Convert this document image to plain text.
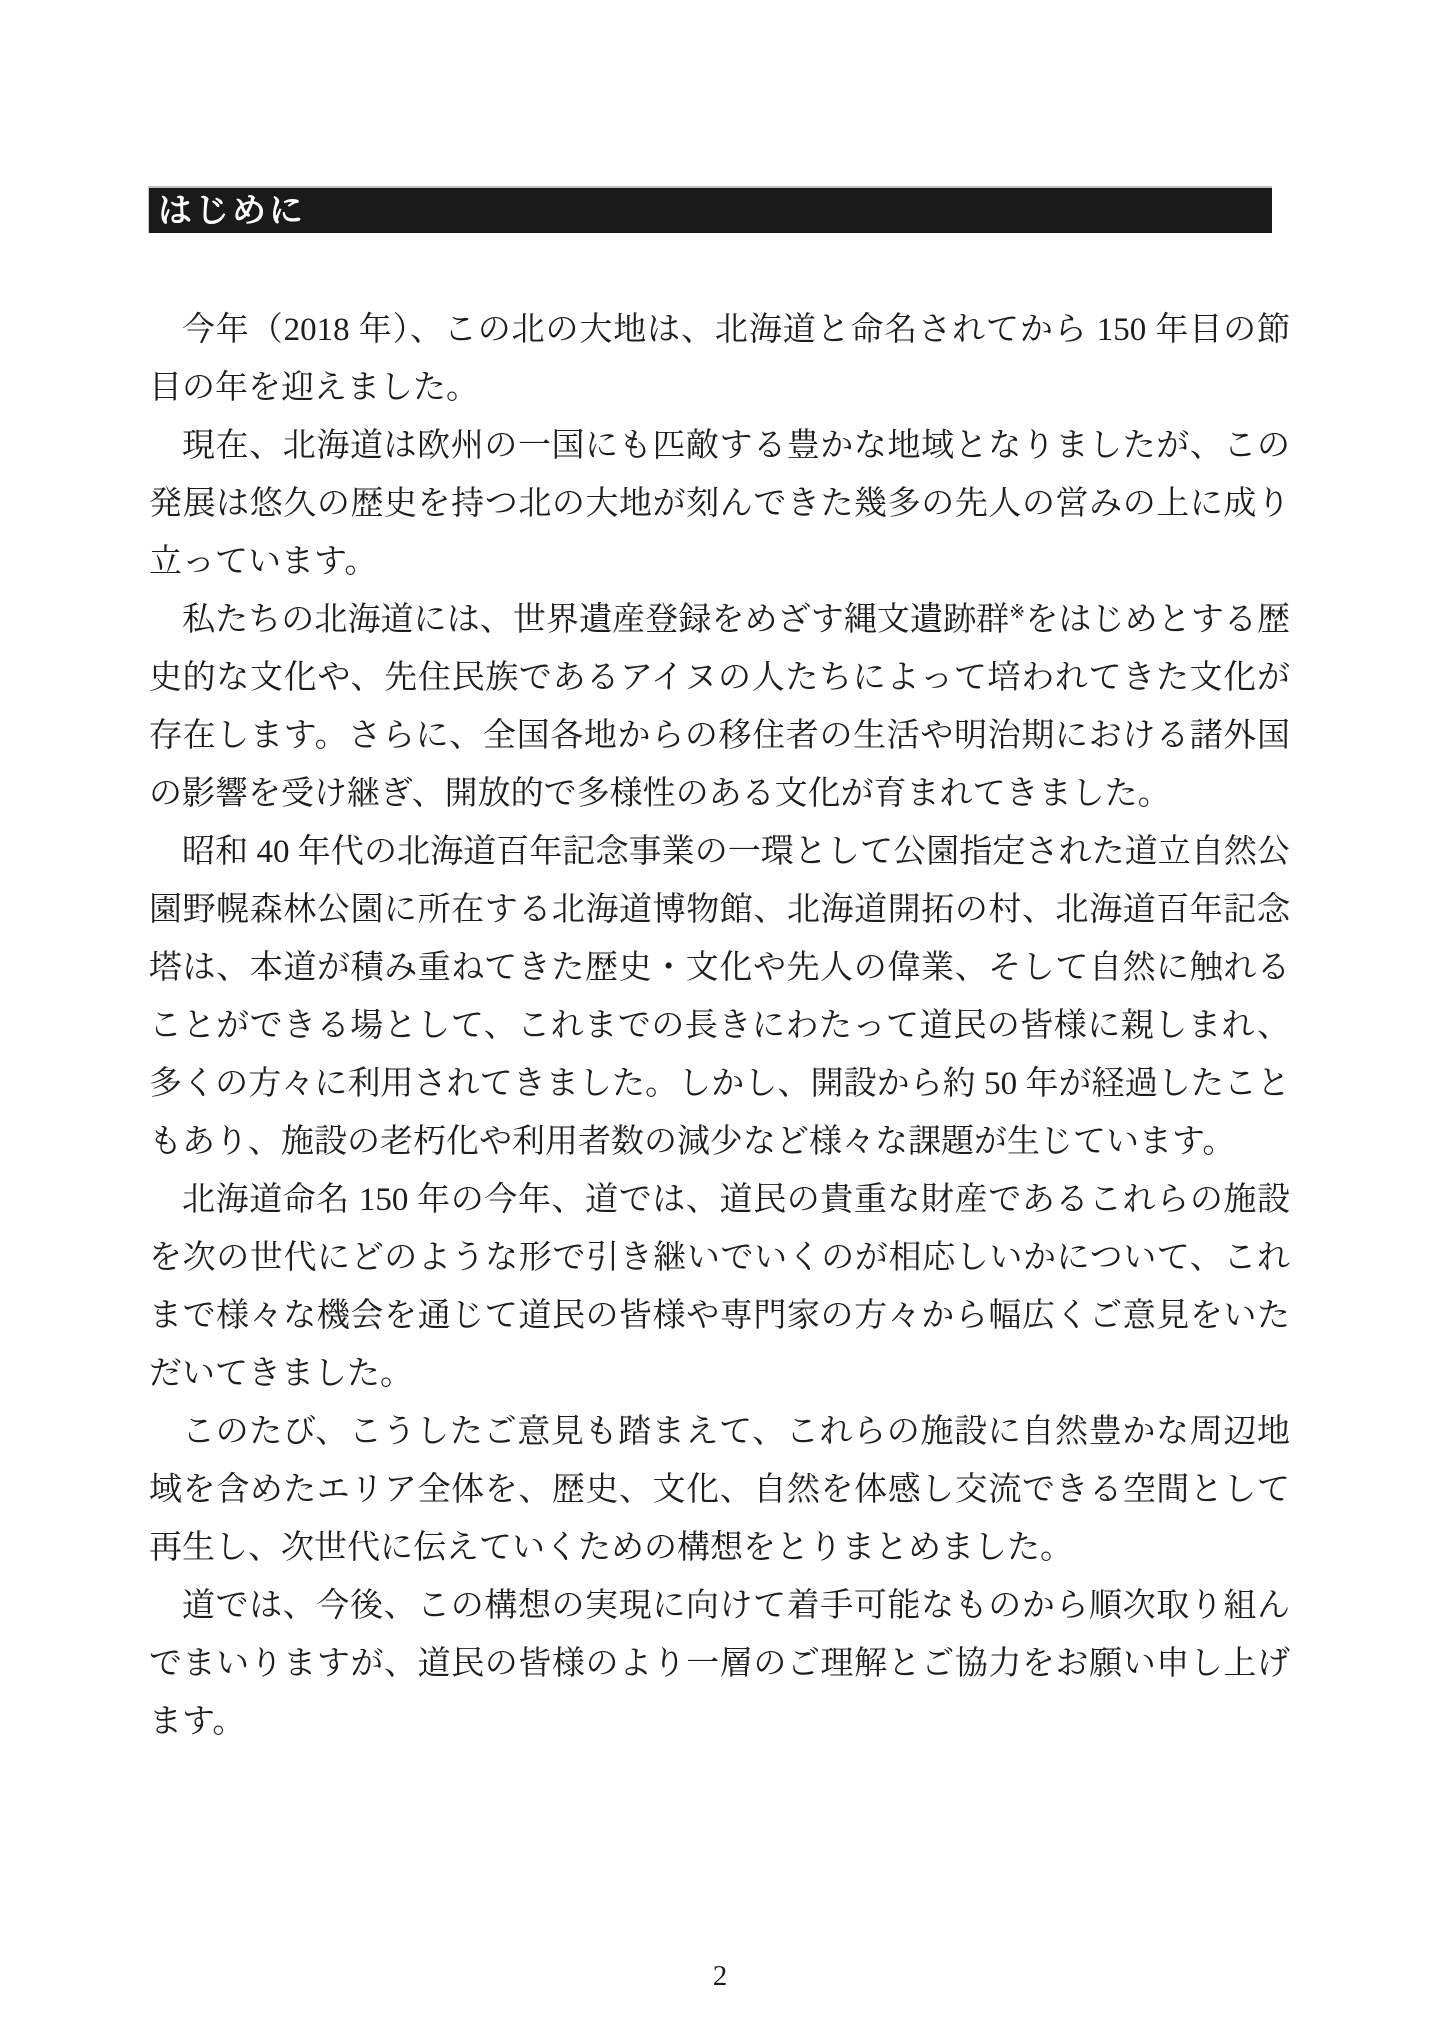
はじめに

今年（2018 年）、この北の大地は、北海道と命名されてから 150 年目の節目の年を迎えました。

現在、北海道は欧州の一国にも匹敵する豊かな地域となりましたが、この発展は悠久の歴史を持つ北の大地が刻んできた幾多の先人の営みの上に成り立っています。

私たちの北海道には、世界遺産登録をめざす縄文遺跡群※をはじめとする歴史的な文化や、先住民族であるアイヌの人たちによって培われてきた文化が存在します。さらに、全国各地からの移住者の生活や明治期における諸外国の影響を受け継ぎ、開放的で多様性のある文化が育まれてきました。

昭和 40 年代の北海道百年記念事業の一環として公園指定された道立自然公園野幌森林公園に所在する北海道博物館、北海道開拓の村、北海道百年記念塔は、本道が積み重ねてきた歴史・文化や先人の偉業、そして自然に触れることができる場として、これまでの長きにわたって道民の皆様に親しまれ、多くの方々に利用されてきました。しかし、開設から約 50 年が経過したこともあり、施設の老朽化や利用者数の減少など様々な課題が生じています。

北海道命名 150 年の今年、道では、道民の貴重な財産であるこれらの施設を次の世代にどのような形で引き継いでいくのが相応しいかについて、これまで様々な機会を通じて道民の皆様や専門家の方々から幅広くご意見をいただいてきました。

このたび、こうしたご意見も踏まえて、これらの施設に自然豊かな周辺地域を含めたエリア全体を、歴史、文化、自然を体感し交流できる空間として再生し、次世代に伝えていくための構想をとりまとめました。

道では、今後、この構想の実現に向けて着手可能なものから順次取り組んでまいりますが、道民の皆様のより一層のご理解とご協力をお願い申し上げます。

2
